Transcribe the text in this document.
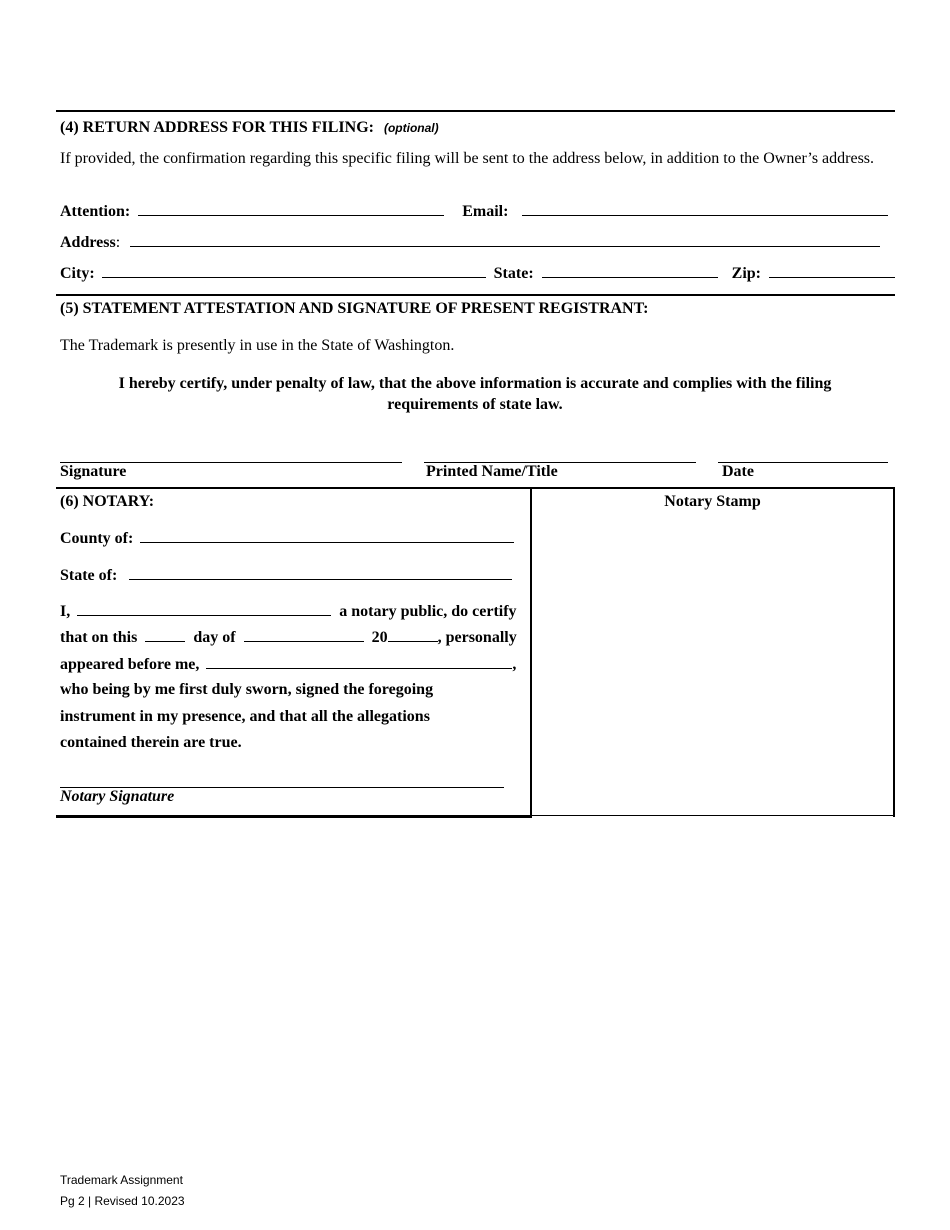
(4) RETURN ADDRESS FOR THIS FILING: (optional)
If provided, the confirmation regarding this specific filing will be sent to the address below, in addition to the Owner’s address.
Attention:	Email:
Address:
City:	State:	Zip:
(5) STATEMENT ATTESTATION AND SIGNATURE OF PRESENT REGISTRANT:
The Trademark is presently in use in the State of Washington.
I hereby certify, under penalty of law, that the above information is accurate and complies with the filing
requirements of state law.
Signature	Printed Name/Title	Date
Notary Stamp
(6) NOTARY:
County of:
State of:
I,	a notary public, do certify
that on this	day of	20	, personally
appeared before me,	,
who being by me first duly sworn, signed the foregoing
instrument in my presence, and that all the allegations
contained therein are true.
Notary Signature
Trademark Assignment
Pg 2 | Revised 10.2023
